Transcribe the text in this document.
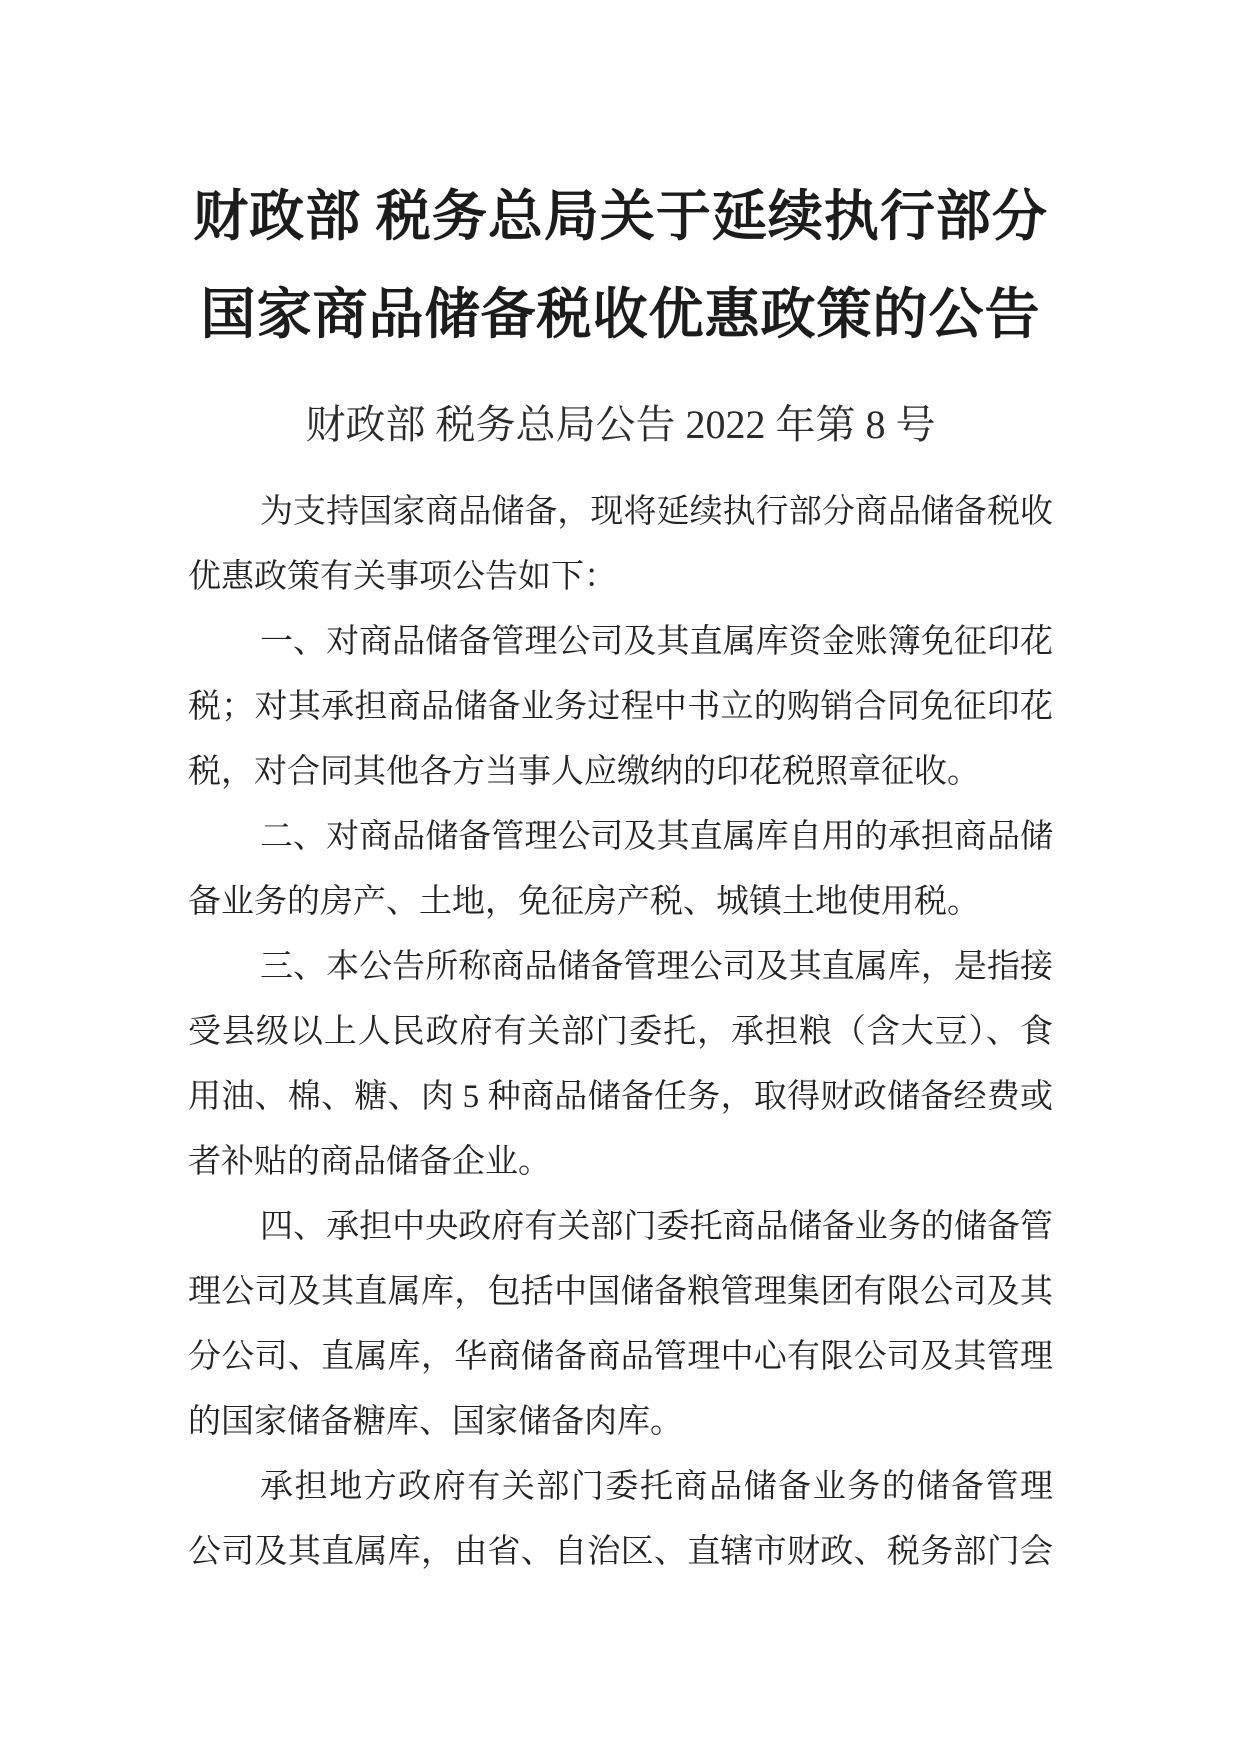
财政部 税务总局关于延续执行部分
国家商品储备税收优惠政策的公告
财政部 税务总局公告 2022 年第 8 号
为支持国家商品储备，现将延续执行部分商品储备税收
优惠政策有关事项公告如下：
一、对商品储备管理公司及其直属库资金账簿免征印花
税；对其承担商品储备业务过程中书立的购销合同免征印花
税，对合同其他各方当事人应缴纳的印花税照章征收。
二、对商品储备管理公司及其直属库自用的承担商品储
备业务的房产、土地，免征房产税、城镇土地使用税。
三、本公告所称商品储备管理公司及其直属库，是指接
受县级以上人民政府有关部门委托，承担粮（含大豆）、食
用油、棉、糖、肉 5 种商品储备任务，取得财政储备经费或
者补贴的商品储备企业。
四、承担中央政府有关部门委托商品储备业务的储备管
理公司及其直属库，包括中国储备粮管理集团有限公司及其
分公司、直属库，华商储备商品管理中心有限公司及其管理
的国家储备糖库、国家储备肉库。
承担地方政府有关部门委托商品储备业务的储备管理
公司及其直属库，由省、自治区、直辖市财政、税务部门会
